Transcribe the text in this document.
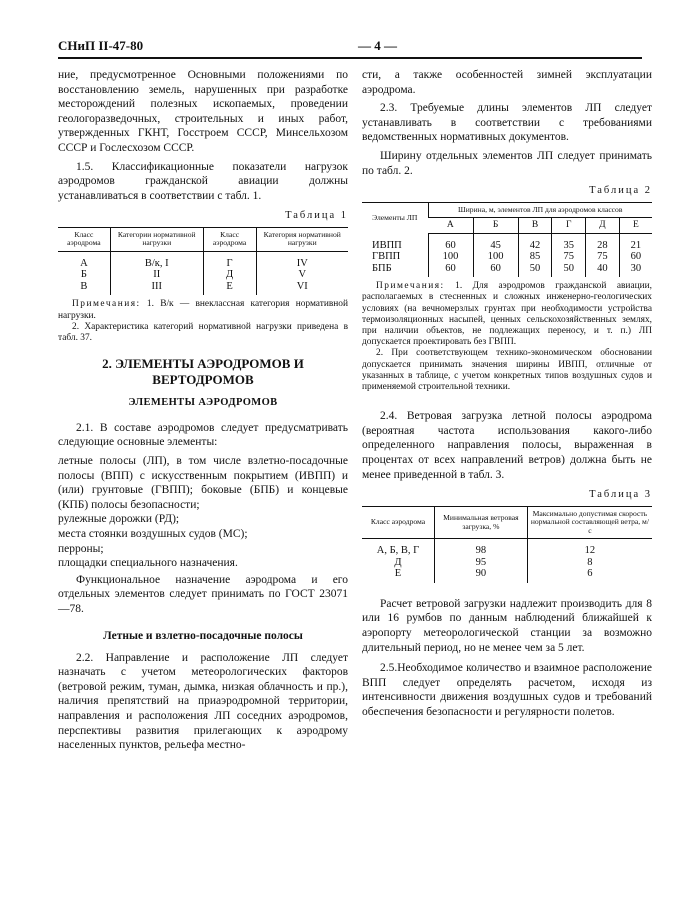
СНиП II-47-80	— 4 —

ние, предусмотренное Основными положениями по восстановлению земель, нарушенных при разработке месторождений полезных ископаемых, проведении геологоразведочных, строительных и иных работ, утвержденных ГКНТ, Госстроем СССР, Минсельхозом СССР и Гослесхозом СССР.

1.5. Классификационные показатели нагрузок аэродромов гражданской авиации должны устанавливаться в соответствии с табл. 1.

Таблица 1
Класс аэродрома	Категории нормативной нагрузки	Класс аэродрома	Категория нормативной нагрузки
А	В/к, I	Г	IV
Б	II	Д	V
В	III	Е	VI

Примечания: 1. В/к — внеклассная категория нормативной нагрузки.

2. Характеристика категорий нормативной нагрузки приведена в табл. 37.

2. ЭЛЕМЕНТЫ АЭРОДРОМОВ И ВЕРТОДРОМОВ
ЭЛЕМЕНТЫ АЭРОДРОМОВ

2.1. В составе аэродромов следует предусматривать следующие основные элементы:

летные полосы (ЛП), в том числе взлетно-посадочные полосы (ВПП) с искусственным покрытием (ИВПП) и (или) грунтовые (ГВПП); боковые (БПБ) и концевые (КПБ) полосы безопасности;

рулежные дорожки (РД);

места стоянки воздушных судов (МС);

перроны;

площадки специального назначения.

Функциональное назначение аэродрома и его отдельных элементов следует принимать по ГОСТ 23071—78.

Летные и взлетно-посадочные полосы

2.2. Направление и расположение ЛП следует назначать с учетом метеорологических факторов (ветровой режим, туман, дымка, низкая облачность и пр.), наличия препятствий на приаэродромной территории, направления и расположения ЛП соседних аэродромов, перспективы развития прилегающих к аэродрому населенных пунктов, рельефа местно-

сти, а также особенностей зимней эксплуатации аэродрома.

2.3. Требуемые длины элементов ЛП следует устанавливать в соответствии с требованиями ведомственных нормативных документов.

Ширину отдельных элементов ЛП следует принимать по табл. 2.

Таблица 2
Элементы ЛП	Ширина, м, элементов ЛП для аэродромов классов					
	А	Б	В	Г	Д	Е
ИВПП	60	45	42	35	28	21
ГВПП	100	100	85	75	75	60
БПБ	60	60	50	50	40	30

Примечания: 1. Для аэродромов гражданской авиации, располагаемых в стесненных и сложных инженерно-геологических условиях (на вечномерзлых грунтах при необходимости устройства термоизоляционных насыпей, ценных сельскохозяйственных землях, при наличии объектов, не подлежащих переносу, и т. п.) ЛП допускается проектировать без ГВПП.

2. При соответствующем технико-экономическом обосновании допускается принимать значения ширины ИВПП, отличные от указанных в таблице, с учетом конкретных типов воздушных судов и применяемой строительной техники.

2.4. Ветровая загрузка летной полосы аэродрома (вероятная частота использования какого-либо определенного направления полосы, выраженная в процентах от всех направлений ветров) должна быть не менее приведенной в табл. 3.

Таблица 3
Класс аэродрома	Минимальная ветровая загрузка, %	Максимально допустимая скорость нормальной составляющей ветра, м/с
А, Б, В, Г	98	12
Д	95	8
Е	90	6

Расчет ветровой загрузки надлежит производить для 8 или 16 румбов по данным наблюдений ближайшей к аэропорту метеорологической станции за возможно длительный период, но не менее чем за 5 лет.

2.5.Необходимое количество и взаимное расположение ВПП следует определять расчетом, исходя из интенсивности движения воздушных судов и требований обеспечения безопасности и регулярности полетов.
